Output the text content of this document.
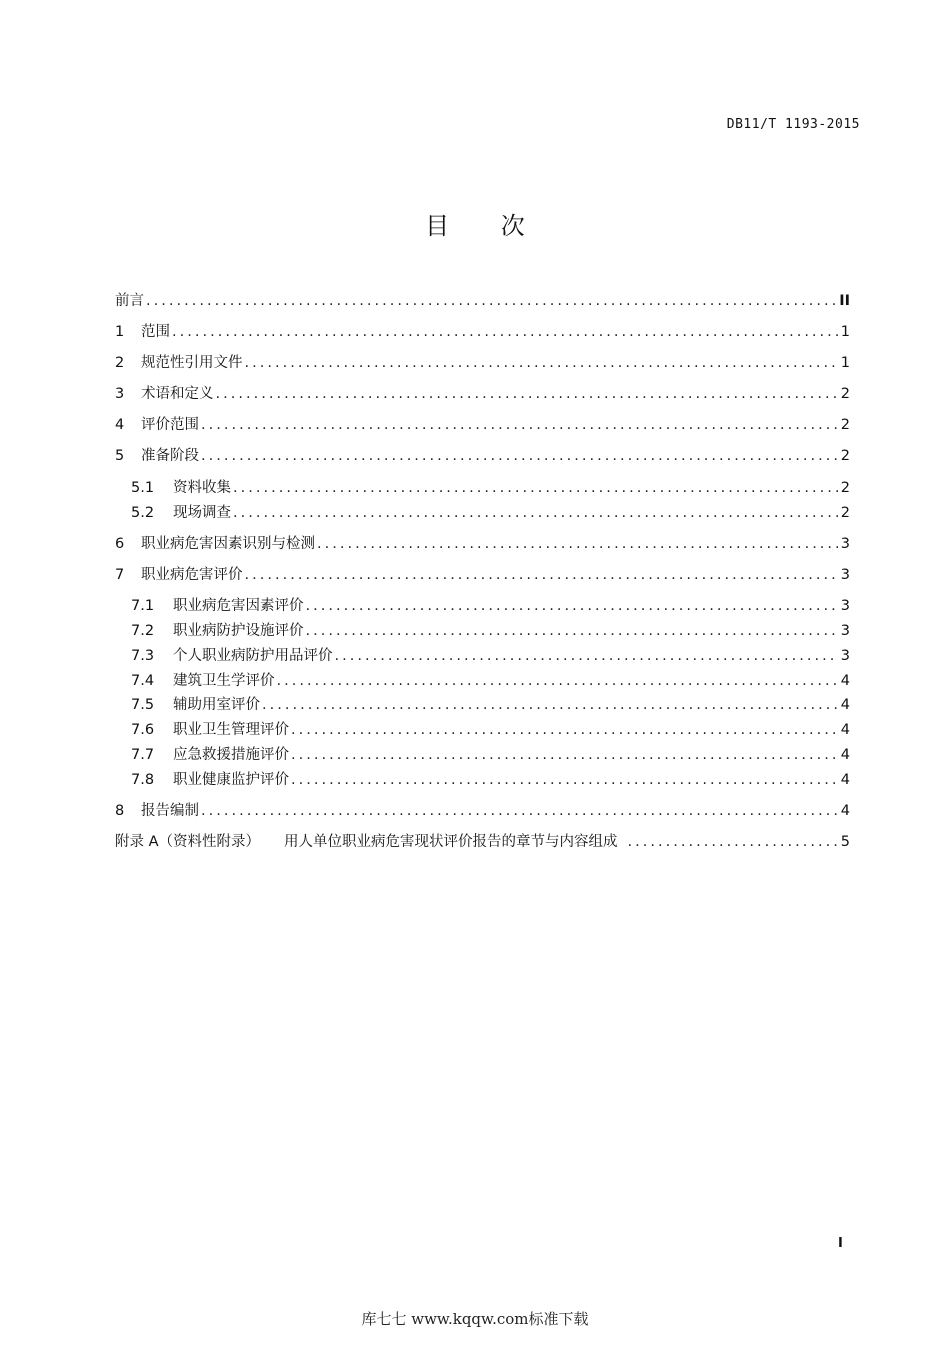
DB11/T 1193-2015
目 次
前言 . . .	II
1	范围 . . .	1
2	规范性引用文件 . . .	1
3	术语和定义 . . .	2
4	评价范围 . . .	2
5	准备阶段 . . .	2
5.1	资料收集 . . .	2
5.2	现场调查 . . .	2
6	职业病危害因素识别与检测 . . .	3
7	职业病危害评价 . . .	3
7.1	职业病危害因素评价 . . .	3
7.2	职业病防护设施评价 . . .	3
7.3	个人职业病防护用品评价 . . .	3
7.4	建筑卫生学评价 . . .	4
7.5	辅助用室评价 . . .	4
7.6	职业卫生管理评价 . . .	4
7.7	应急救援措施评价 . . .	4
7.8	职业健康监护评价 . . .	4
8	报告编制 . . .	4
附录 A（资料性附录） 用人单位职业病危害现状评价报告的章节与内容组成 . . .	5
I
库七七 www.kqqw.com标准下载
